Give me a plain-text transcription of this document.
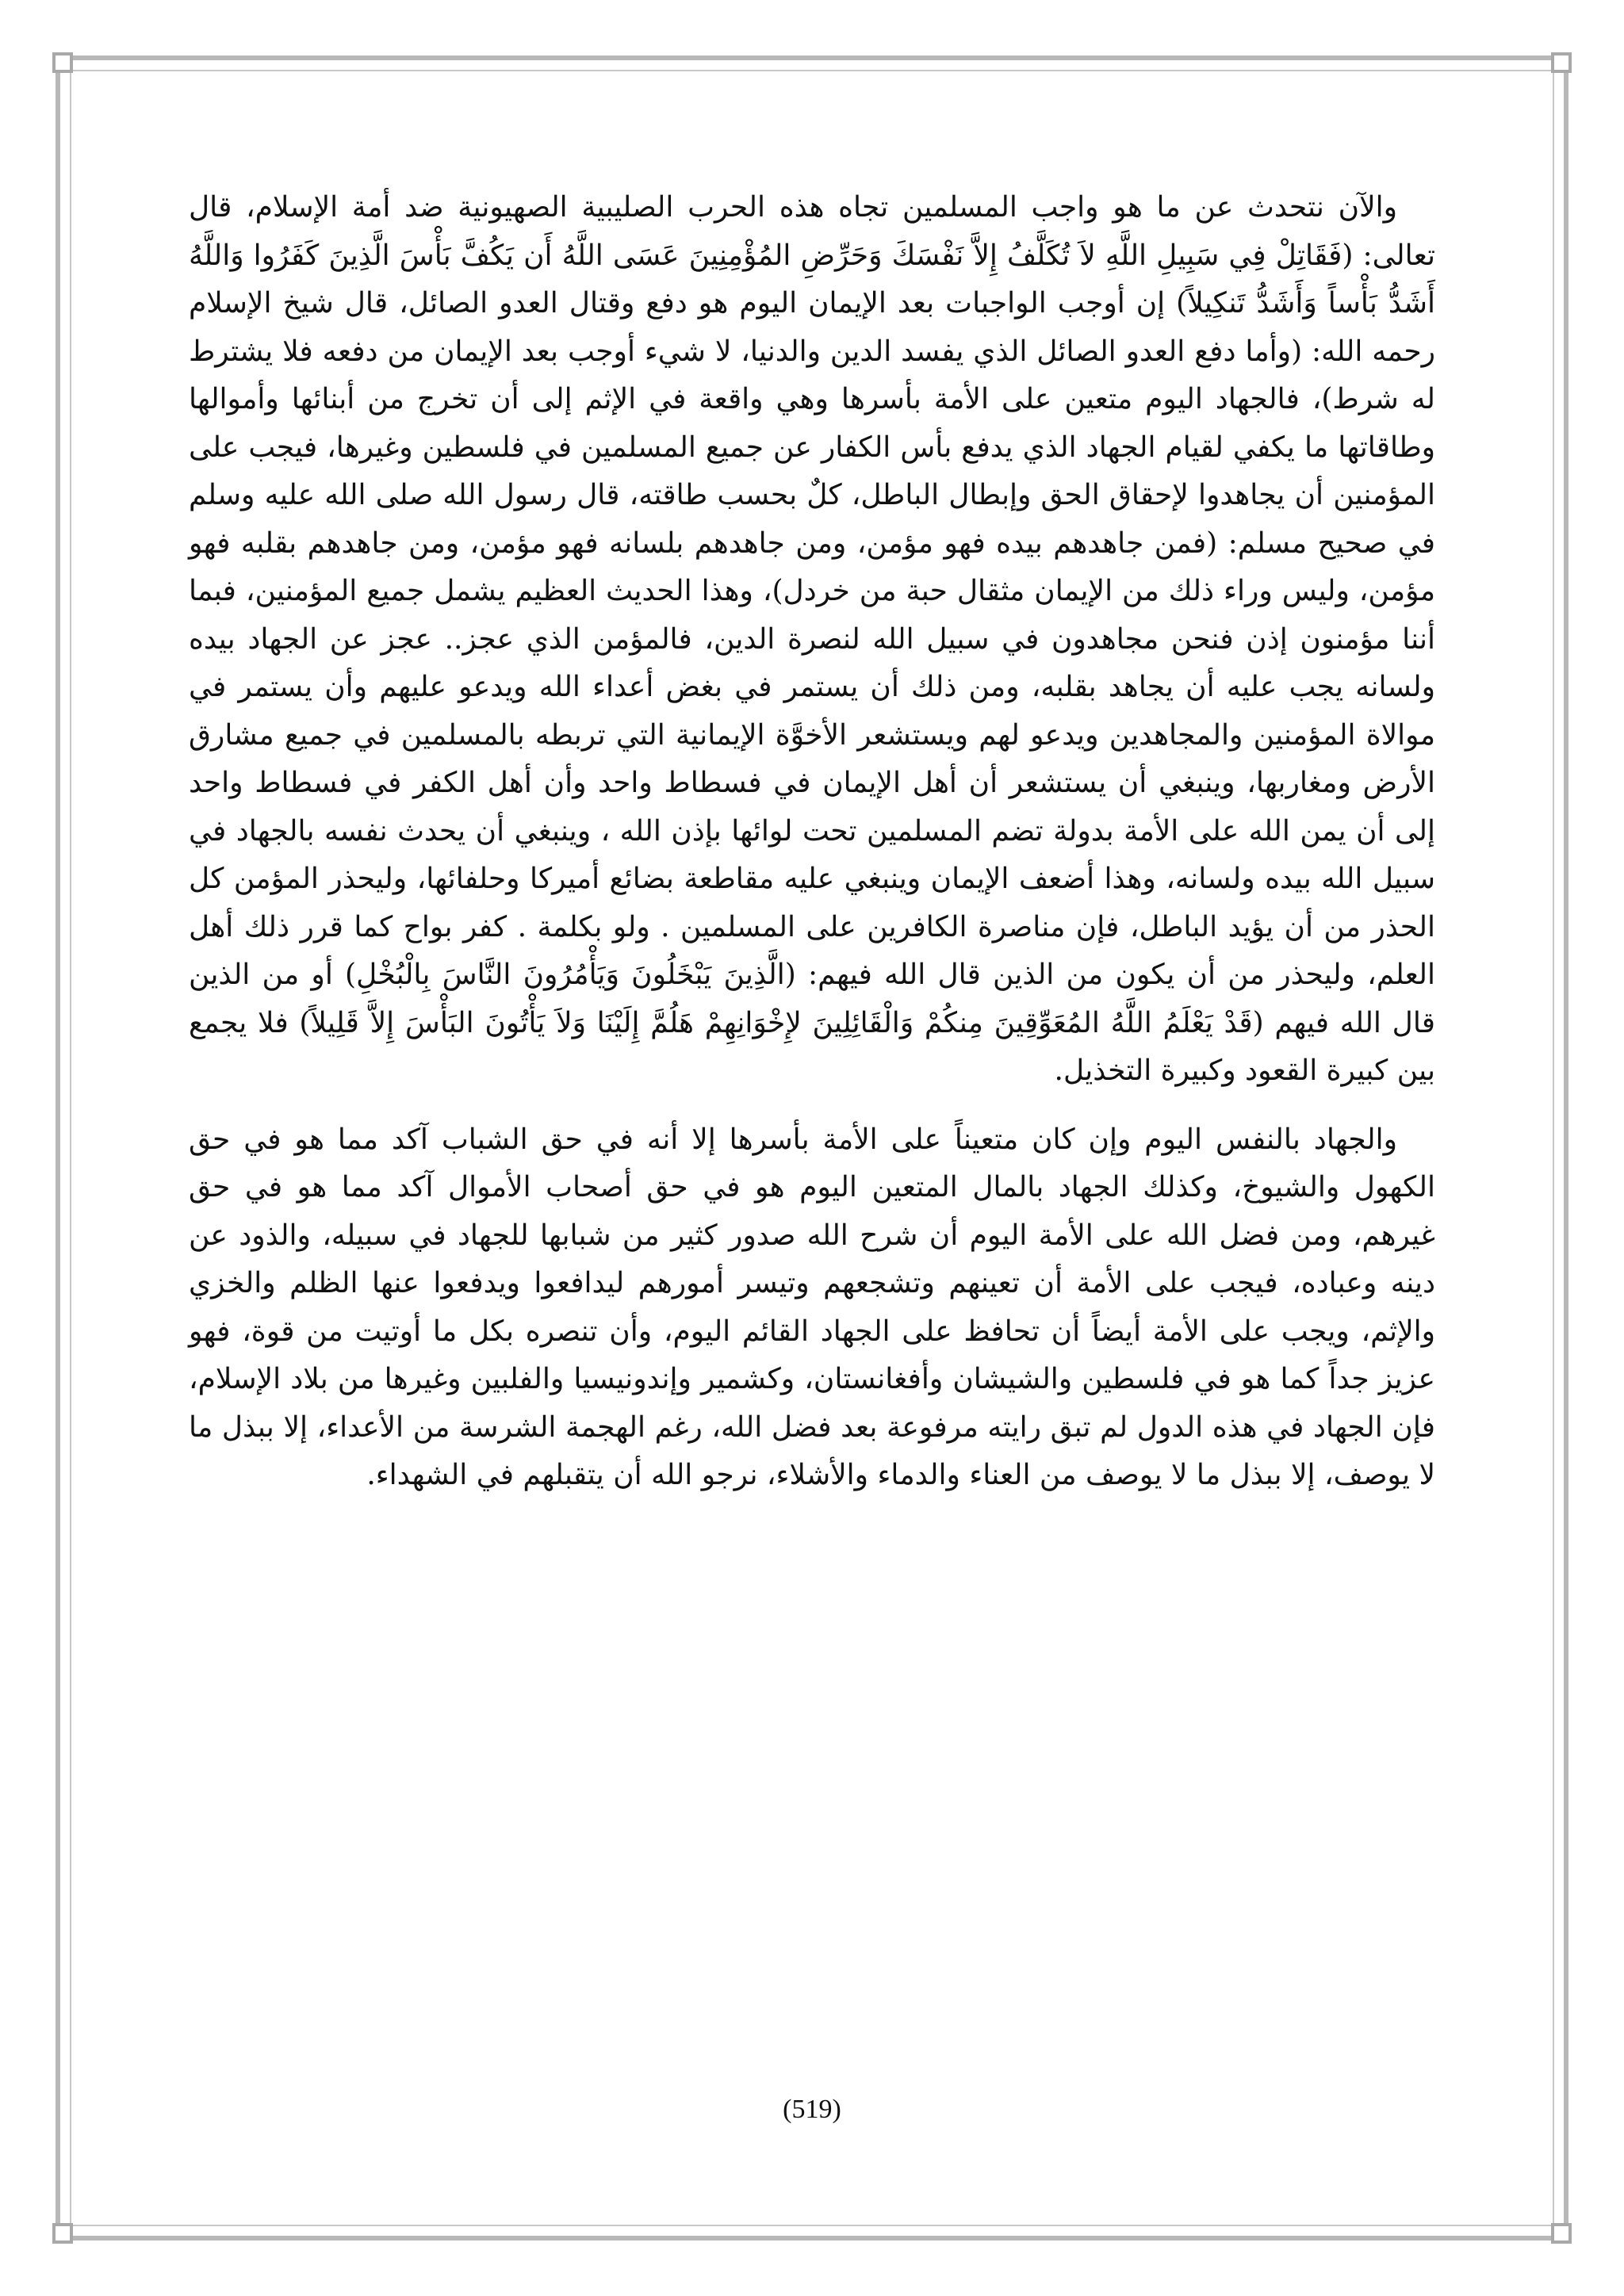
والآن نتحدث عن ما هو واجب المسلمين تجاه هذه الحرب الصليبية الصهيونية ضد أمة الإسلام، قال تعالى: (فَقَاتِلْ فِي سَبِيلِ اللَّهِ لاَ تُكَلَّفُ إِلاَّ نَفْسَكَ وَحَرِّضِ المُؤْمِنِينَ عَسَى اللَّهُ أَن يَكُفَّ بَأْسَ الَّذِينَ كَفَرُوا وَاللَّهُ أَشَدُّ بَأْساً وَأَشَدُّ تَنكِيلاً) إن أوجب الواجبات بعد الإيمان اليوم هو دفع وقتال العدو الصائل، قال شيخ الإسلام رحمه الله: (وأما دفع العدو الصائل الذي يفسد الدين والدنيا، لا شيء أوجب بعد الإيمان من دفعه فلا يشترط له شرط)، فالجهاد اليوم متعين على الأمة بأسرها وهي واقعة في الإثم إلى أن تخرج من أبنائها وأموالها وطاقاتها ما يكفي لقيام الجهاد الذي يدفع بأس الكفار عن جميع المسلمين في فلسطين وغيرها، فيجب على المؤمنين أن يجاهدوا لإحقاق الحق وإبطال الباطل، كلٌ بحسب طاقته، قال رسول الله صلى الله عليه وسلم في صحيح مسلم: (فمن جاهدهم بيده فهو مؤمن، ومن جاهدهم بلسانه فهو مؤمن، ومن جاهدهم بقلبه فهو مؤمن، وليس وراء ذلك من الإيمان مثقال حبة من خردل)، وهذا الحديث العظيم يشمل جميع المؤمنين، فبما أننا مؤمنون إذن فنحن مجاهدون في سبيل الله لنصرة الدين، فالمؤمن الذي عجز.. عجز عن الجهاد بيده ولسانه يجب عليه أن يجاهد بقلبه، ومن ذلك أن يستمر في بغض أعداء الله ويدعو عليهم وأن يستمر في موالاة المؤمنين والمجاهدين ويدعو لهم ويستشعر الأخوَّة الإيمانية التي تربطه بالمسلمين في جميع مشارق الأرض ومغاربها، وينبغي أن يستشعر أن أهل الإيمان في فسطاط واحد وأن أهل الكفر في فسطاط واحد إلى أن يمن الله على الأمة بدولة تضم المسلمين تحت لوائها بإذن الله ، وينبغي أن يحدث نفسه بالجهاد في سبيل الله بيده ولسانه، وهذا أضعف الإيمان وينبغي عليه مقاطعة بضائع أميركا وحلفائها، وليحذر المؤمن كل الحذر من أن يؤيد الباطل، فإن مناصرة الكافرين على المسلمين . ولو بكلمة . كفر بواح كما قرر ذلك أهل العلم، وليحذر من أن يكون من الذين قال الله فيهم: (الَّذِينَ يَبْخَلُونَ وَيَأْمُرُونَ النَّاسَ بِالْبُخْلِ) أو من الذين قال الله فيهم (قَدْ يَعْلَمُ اللَّهُ المُعَوِّقِينَ مِنكُمْ وَالْقَائِلِينَ لإِخْوَانِهِمْ هَلُمَّ إِلَيْنَا وَلاَ يَأْتُونَ البَأْسَ إِلاَّ قَلِيلاً) فلا يجمع بين كبيرة القعود وكبيرة التخذيل.

والجهاد بالنفس اليوم وإن كان متعيناً على الأمة بأسرها إلا أنه في حق الشباب آكد مما هو في حق الكهول والشيوخ، وكذلك الجهاد بالمال المتعين اليوم هو في حق أصحاب الأموال آكد مما هو في حق غيرهم، ومن فضل الله على الأمة اليوم أن شرح الله صدور كثير من شبابها للجهاد في سبيله، والذود عن دينه وعباده، فيجب على الأمة أن تعينهم وتشجعهم وتيسر أمورهم ليدافعوا ويدفعوا عنها الظلم والخزي والإثم، ويجب على الأمة أيضاً أن تحافظ على الجهاد القائم اليوم، وأن تنصره بكل ما أوتيت من قوة، فهو عزيز جداً كما هو في فلسطين والشيشان وأفغانستان، وكشمير وإندونيسيا والفلبين وغيرها من بلاد الإسلام، فإن الجهاد في هذه الدول لم تبق رايته مرفوعة بعد فضل الله، رغم الهجمة الشرسة من الأعداء، إلا ببذل ما لا يوصف، إلا ببذل ما لا يوصف من العناء والدماء والأشلاء، نرجو الله أن يتقبلهم في الشهداء.

(519)
